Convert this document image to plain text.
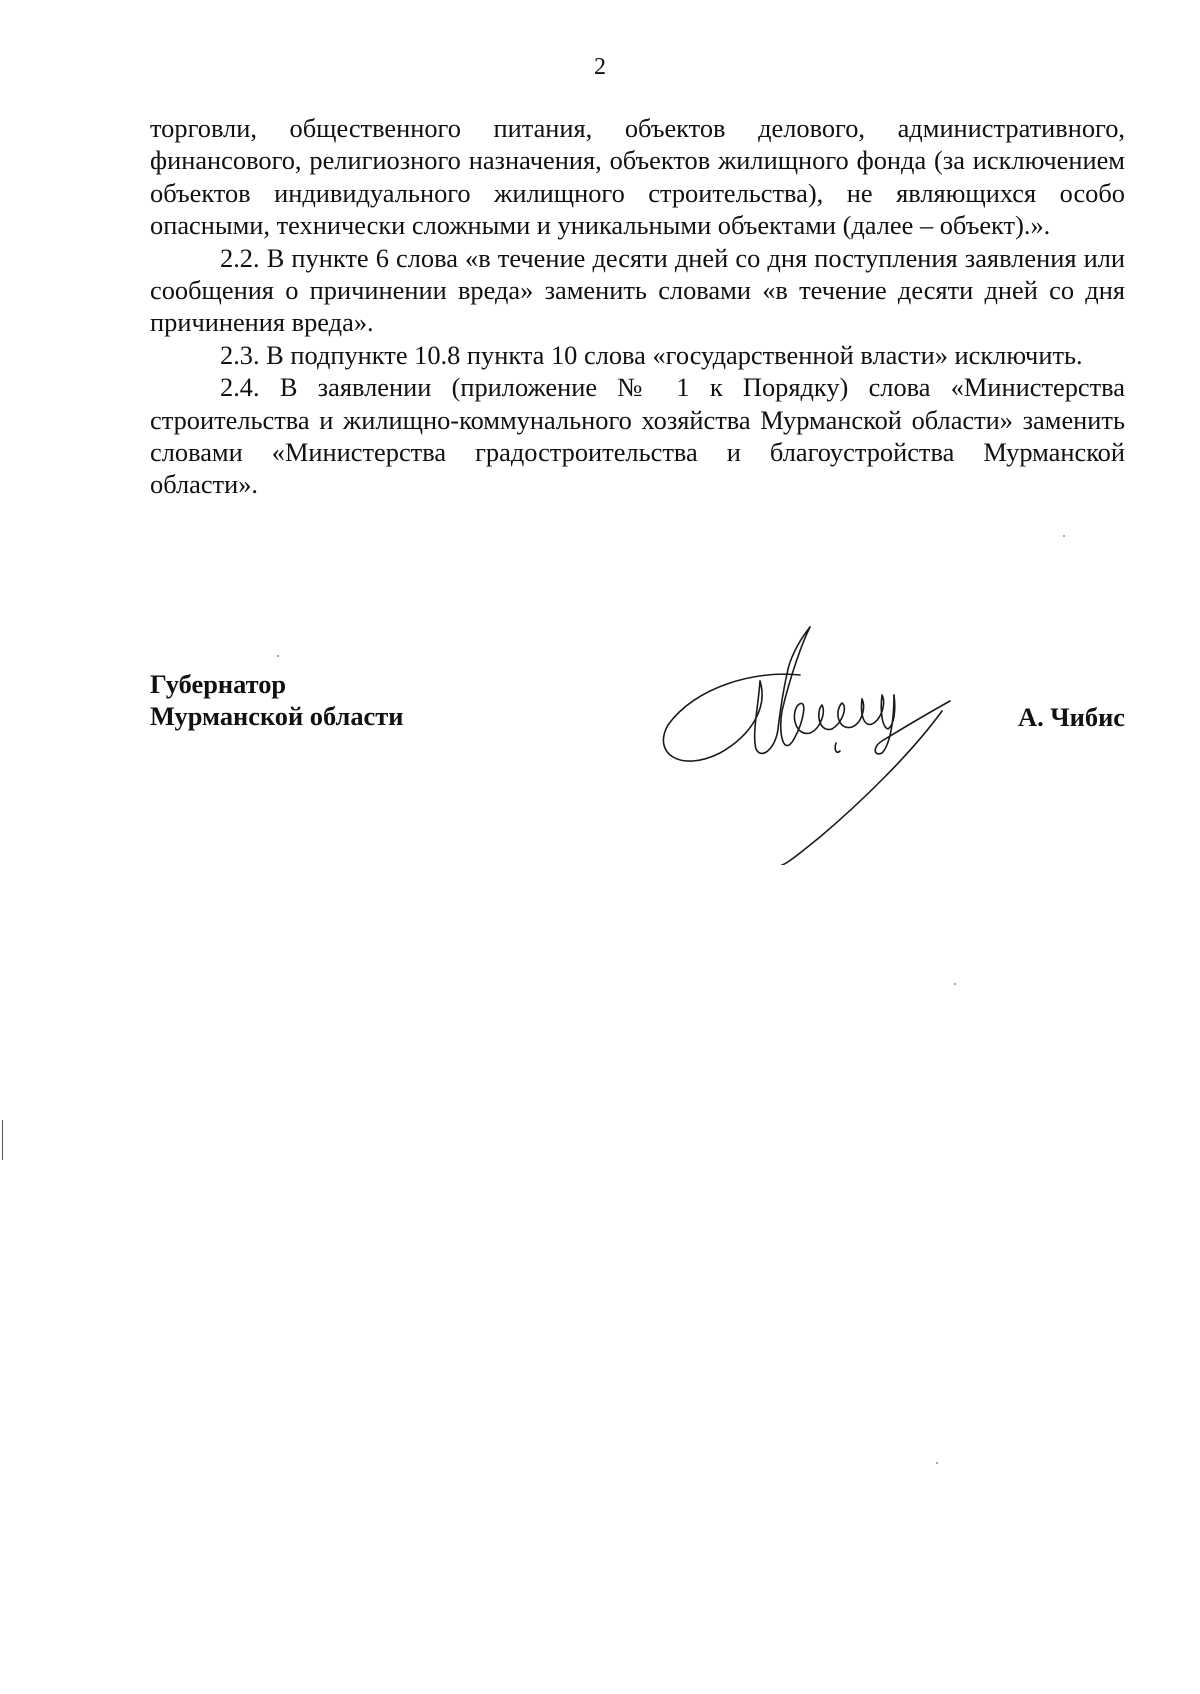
2

торговли, общественного питания, объектов делового, административного, финансового, религиозного назначения, объектов жилищного фонда (за исключением объектов индивидуального жилищного строительства), не являющихся особо опасными, технически сложными и уникальными объектами (далее – объект).».

2.2. В пункте 6 слова «в течение десяти дней со дня поступления заявления или сообщения о причинении вреда» заменить словами «в течение десяти дней со дня причинения вреда».

2.3. В подпункте 10.8 пункта 10 слова «государственной власти» исключить.

2.4. В заявлении (приложение № 1 к Порядку) слова «Министерства строительства и жилищно-коммунального хозяйства Мурманской области» заменить словами «Министерства градостроительства и благоустройства Мурманской области».

Губернатор
Мурманской области	А. Чибис
